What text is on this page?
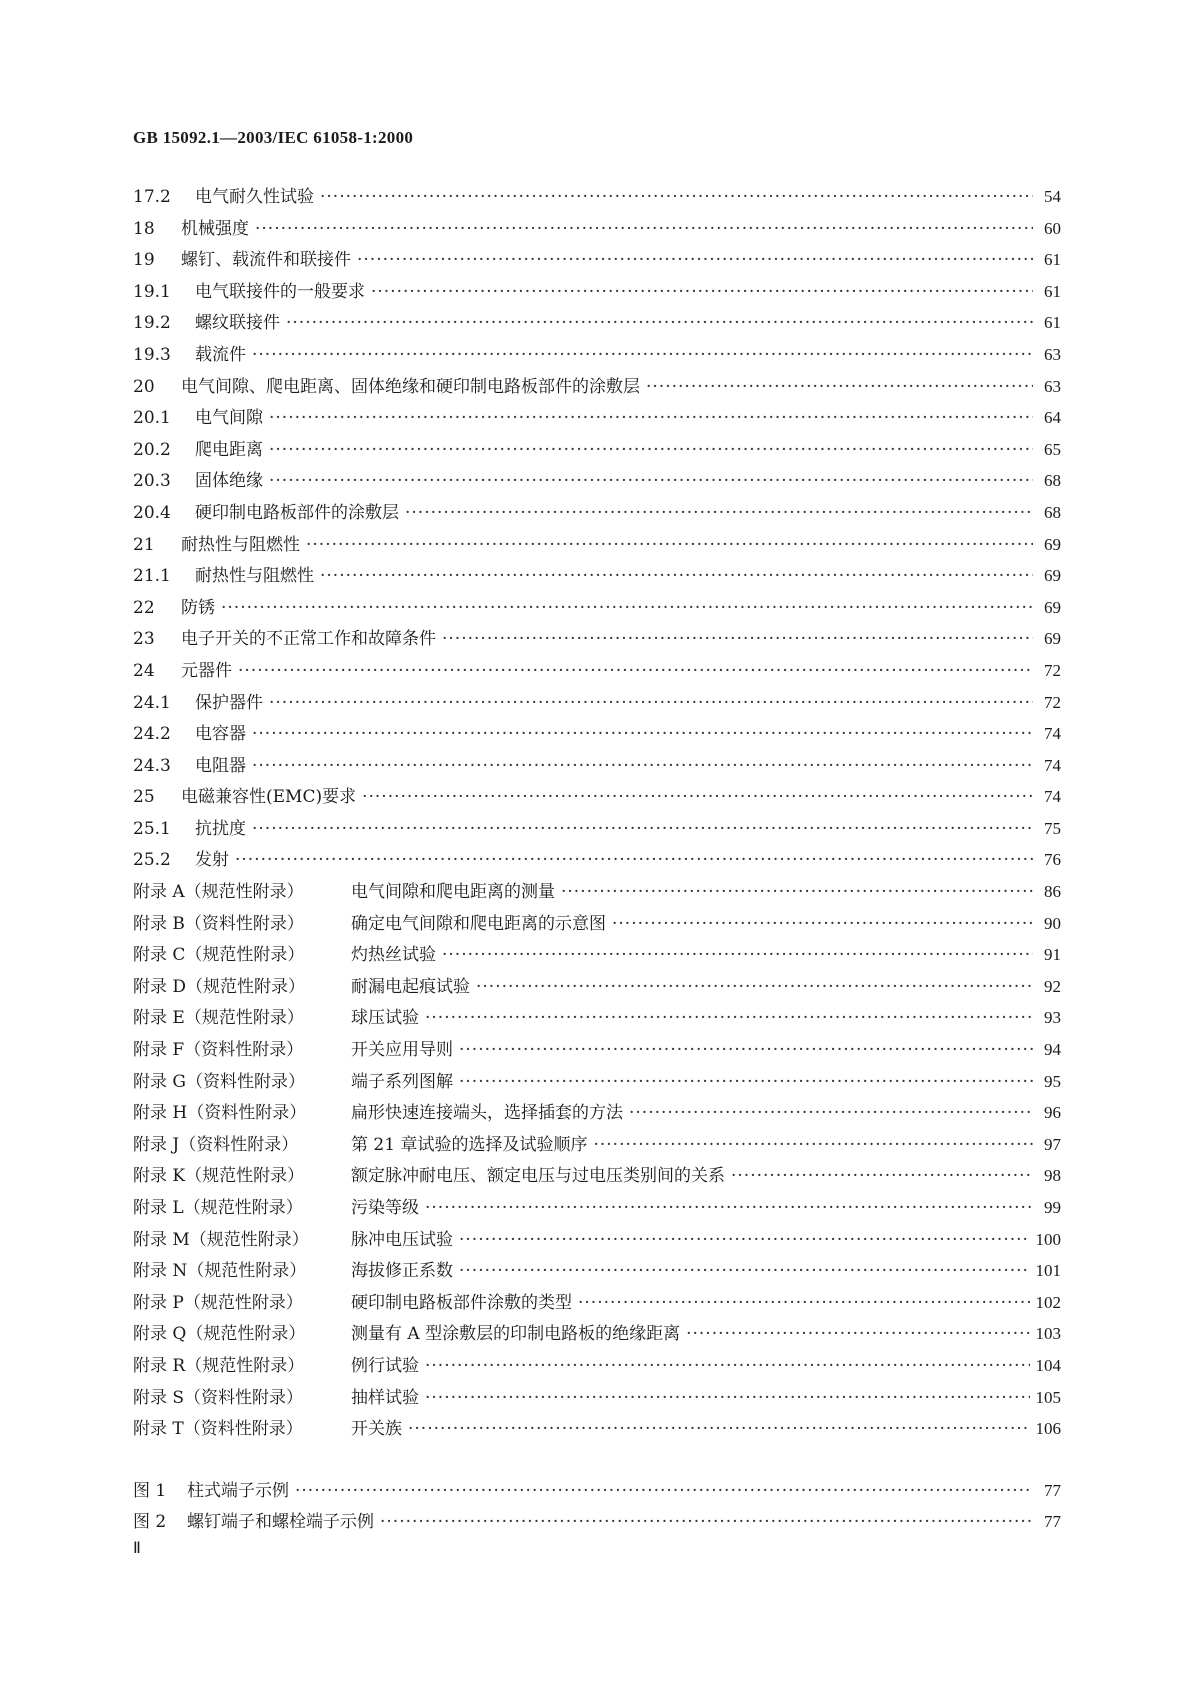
GB 15092.1—2003/IEC 61058-1:2000
17.2	电气耐久性试验 ·····	54
18	机械强度 ·····	60
19	螺钉、载流件和联接件 ·····	61
19.1	电气联接件的一般要求 ·····	61
19.2	螺纹联接件 ·····	61
19.3	载流件 ·····	63
20	电气间隙、爬电距离、固体绝缘和硬印制电路板部件的涂敷层 ·····	63
20.1	电气间隙 ·····	64
20.2	爬电距离 ·····	65
20.3	固体绝缘 ·····	68
20.4	硬印制电路板部件的涂敷层 ·····	68
21	耐热性与阻燃性 ·····	69
21.1	耐热性与阻燃性 ·····	69
22	防锈 ·····	69
23	电子开关的不正常工作和故障条件 ·····	69
24	元器件 ·····	72
24.1	保护器件 ·····	72
24.2	电容器 ·····	74
24.3	电阻器 ·····	74
25	电磁兼容性(EMC)要求 ·····	74
25.1	抗扰度 ·····	75
25.2	发射 ·····	76
附录 A（规范性附录）	电气间隙和爬电距离的测量 ·····	86
附录 B（资料性附录）	确定电气间隙和爬电距离的示意图 ·····	90
附录 C（规范性附录）	灼热丝试验 ·····	91
附录 D（规范性附录）	耐漏电起痕试验 ·····	92
附录 E（规范性附录）	球压试验 ·····	93
附录 F（资料性附录）	开关应用导则 ·····	94
附录 G（资料性附录）	端子系列图解 ·····	95
附录 H（资料性附录）	扁形快速连接端头，选择插套的方法 ·····	96
附录 J（资料性附录）	第 21 章试验的选择及试验顺序 ·····	97
附录 K（规范性附录）	额定脉冲耐电压、额定电压与过电压类别间的关系 ·····	98
附录 L（规范性附录）	污染等级 ·····	99
附录 M（规范性附录）	脉冲电压试验 ·····	100
附录 N（规范性附录）	海拔修正系数 ·····	101
附录 P（规范性附录）	硬印制电路板部件涂敷的类型 ·····	102
附录 Q（规范性附录）	测量有 A 型涂敷层的印制电路板的绝缘距离 ·····	103
附录 R（规范性附录）	例行试验 ·····	104
附录 S（资料性附录）	抽样试验 ·····	105
附录 T（资料性附录）	开关族 ·····	106
图 1	柱式端子示例 ·····	77
图 2	螺钉端子和螺栓端子示例 ·····	77
Ⅱ
